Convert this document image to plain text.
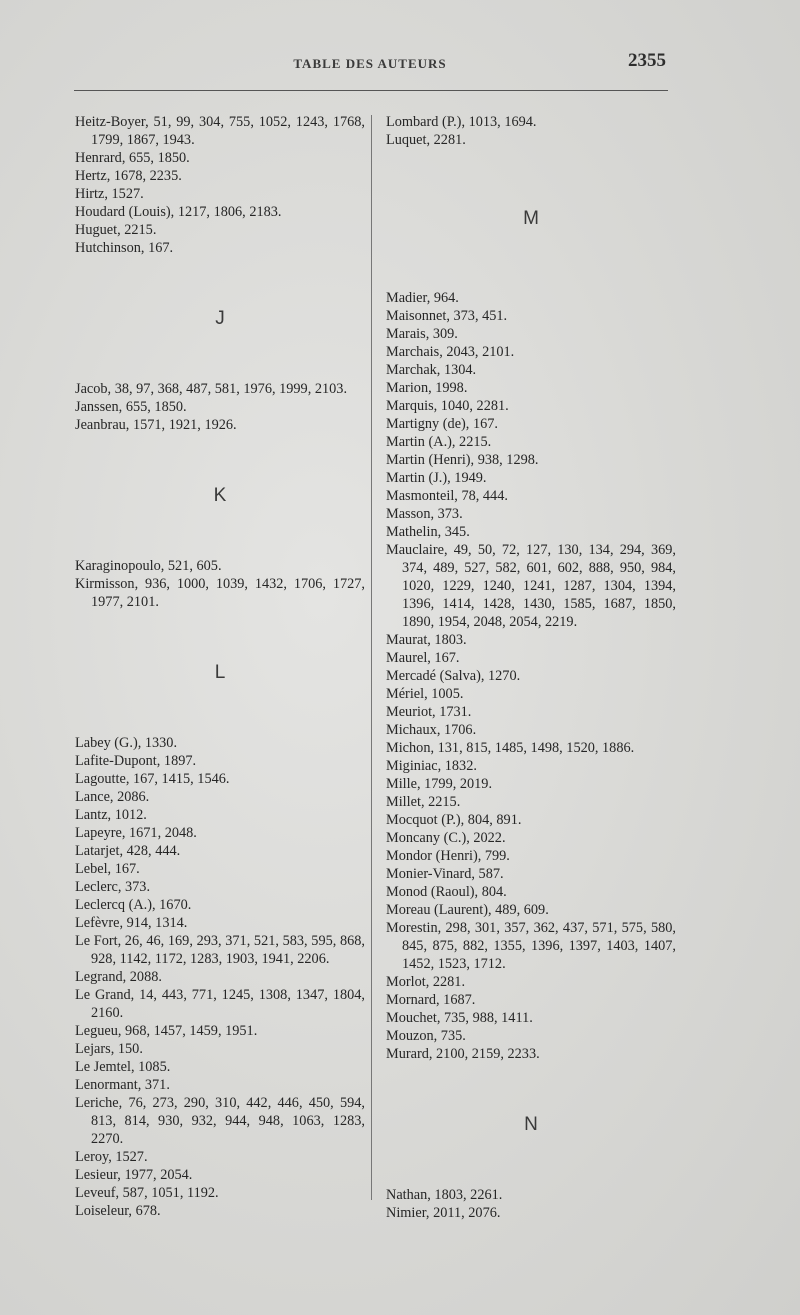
TABLE DES AUTEURS	2355
Heitz-Boyer, 51, 99, 304, 755, 1052, 1243, 1768, 1799, 1867, 1943.
Henrard, 655, 1850.
Hertz, 1678, 2235.
Hirtz, 1527.
Houdard (Louis), 1217, 1806, 2183.
Huguet, 2215.
Hutchinson, 167.
J
Jacob, 38, 97, 368, 487, 581, 1976, 1999, 2103.
Janssen, 655, 1850.
Jeanbrau, 1571, 1921, 1926.
K
Karaginopoulo, 521, 605.
Kirmisson, 936, 1000, 1039, 1432, 1706, 1727, 1977, 2101.
L
Labey (G.), 1330.
Lafite-Dupont, 1897.
Lagoutte, 167, 1415, 1546.
Lance, 2086.
Lantz, 1012.
Lapeyre, 1671, 2048.
Latarjet, 428, 444.
Lebel, 167.
Leclerc, 373.
Leclercq (A.), 1670.
Lefèvre, 914, 1314.
Le Fort, 26, 46, 169, 293, 371, 521, 583, 595, 868, 928, 1142, 1172, 1283, 1903, 1941, 2206.
Legrand, 2088.
Le Grand, 14, 443, 771, 1245, 1308, 1347, 1804, 2160.
Legueu, 968, 1457, 1459, 1951.
Lejars, 150.
Le Jemtel, 1085.
Lenormant, 371.
Leriche, 76, 273, 290, 310, 442, 446, 450, 594, 813, 814, 930, 932, 944, 948, 1063, 1283, 2270.
Leroy, 1527.
Lesieur, 1977, 2054.
Leveuf, 587, 1051, 1192.
Loiseleur, 678.
Lombard (P.), 1013, 1694.
Luquet, 2281.
M
Madier, 964.
Maisonnet, 373, 451.
Marais, 309.
Marchais, 2043, 2101.
Marchak, 1304.
Marion, 1998.
Marquis, 1040, 2281.
Martigny (de), 167.
Martin (A.), 2215.
Martin (Henri), 938, 1298.
Martin (J.), 1949.
Masmonteil, 78, 444.
Masson, 373.
Mathelin, 345.
Mauclaire, 49, 50, 72, 127, 130, 134, 294, 369, 374, 489, 527, 582, 601, 602, 888, 950, 984, 1020, 1229, 1240, 1241, 1287, 1304, 1394, 1396, 1414, 1428, 1430, 1585, 1687, 1850, 1890, 1954, 2048, 2054, 2219.
Maurat, 1803.
Maurel, 167.
Mercadé (Salva), 1270.
Mériel, 1005.
Meuriot, 1731.
Michaux, 1706.
Michon, 131, 815, 1485, 1498, 1520, 1886.
Miginiac, 1832.
Mille, 1799, 2019.
Millet, 2215.
Mocquot (P.), 804, 891.
Moncany (C.), 2022.
Mondor (Henri), 799.
Monier-Vinard, 587.
Monod (Raoul), 804.
Moreau (Laurent), 489, 609.
Morestin, 298, 301, 357, 362, 437, 571, 575, 580, 845, 875, 882, 1355, 1396, 1397, 1403, 1407, 1452, 1523, 1712.
Morlot, 2281.
Mornard, 1687.
Mouchet, 735, 988, 1411.
Mouzon, 735.
Murard, 2100, 2159, 2233.
N
Nathan, 1803, 2261.
Nimier, 2011, 2076.
